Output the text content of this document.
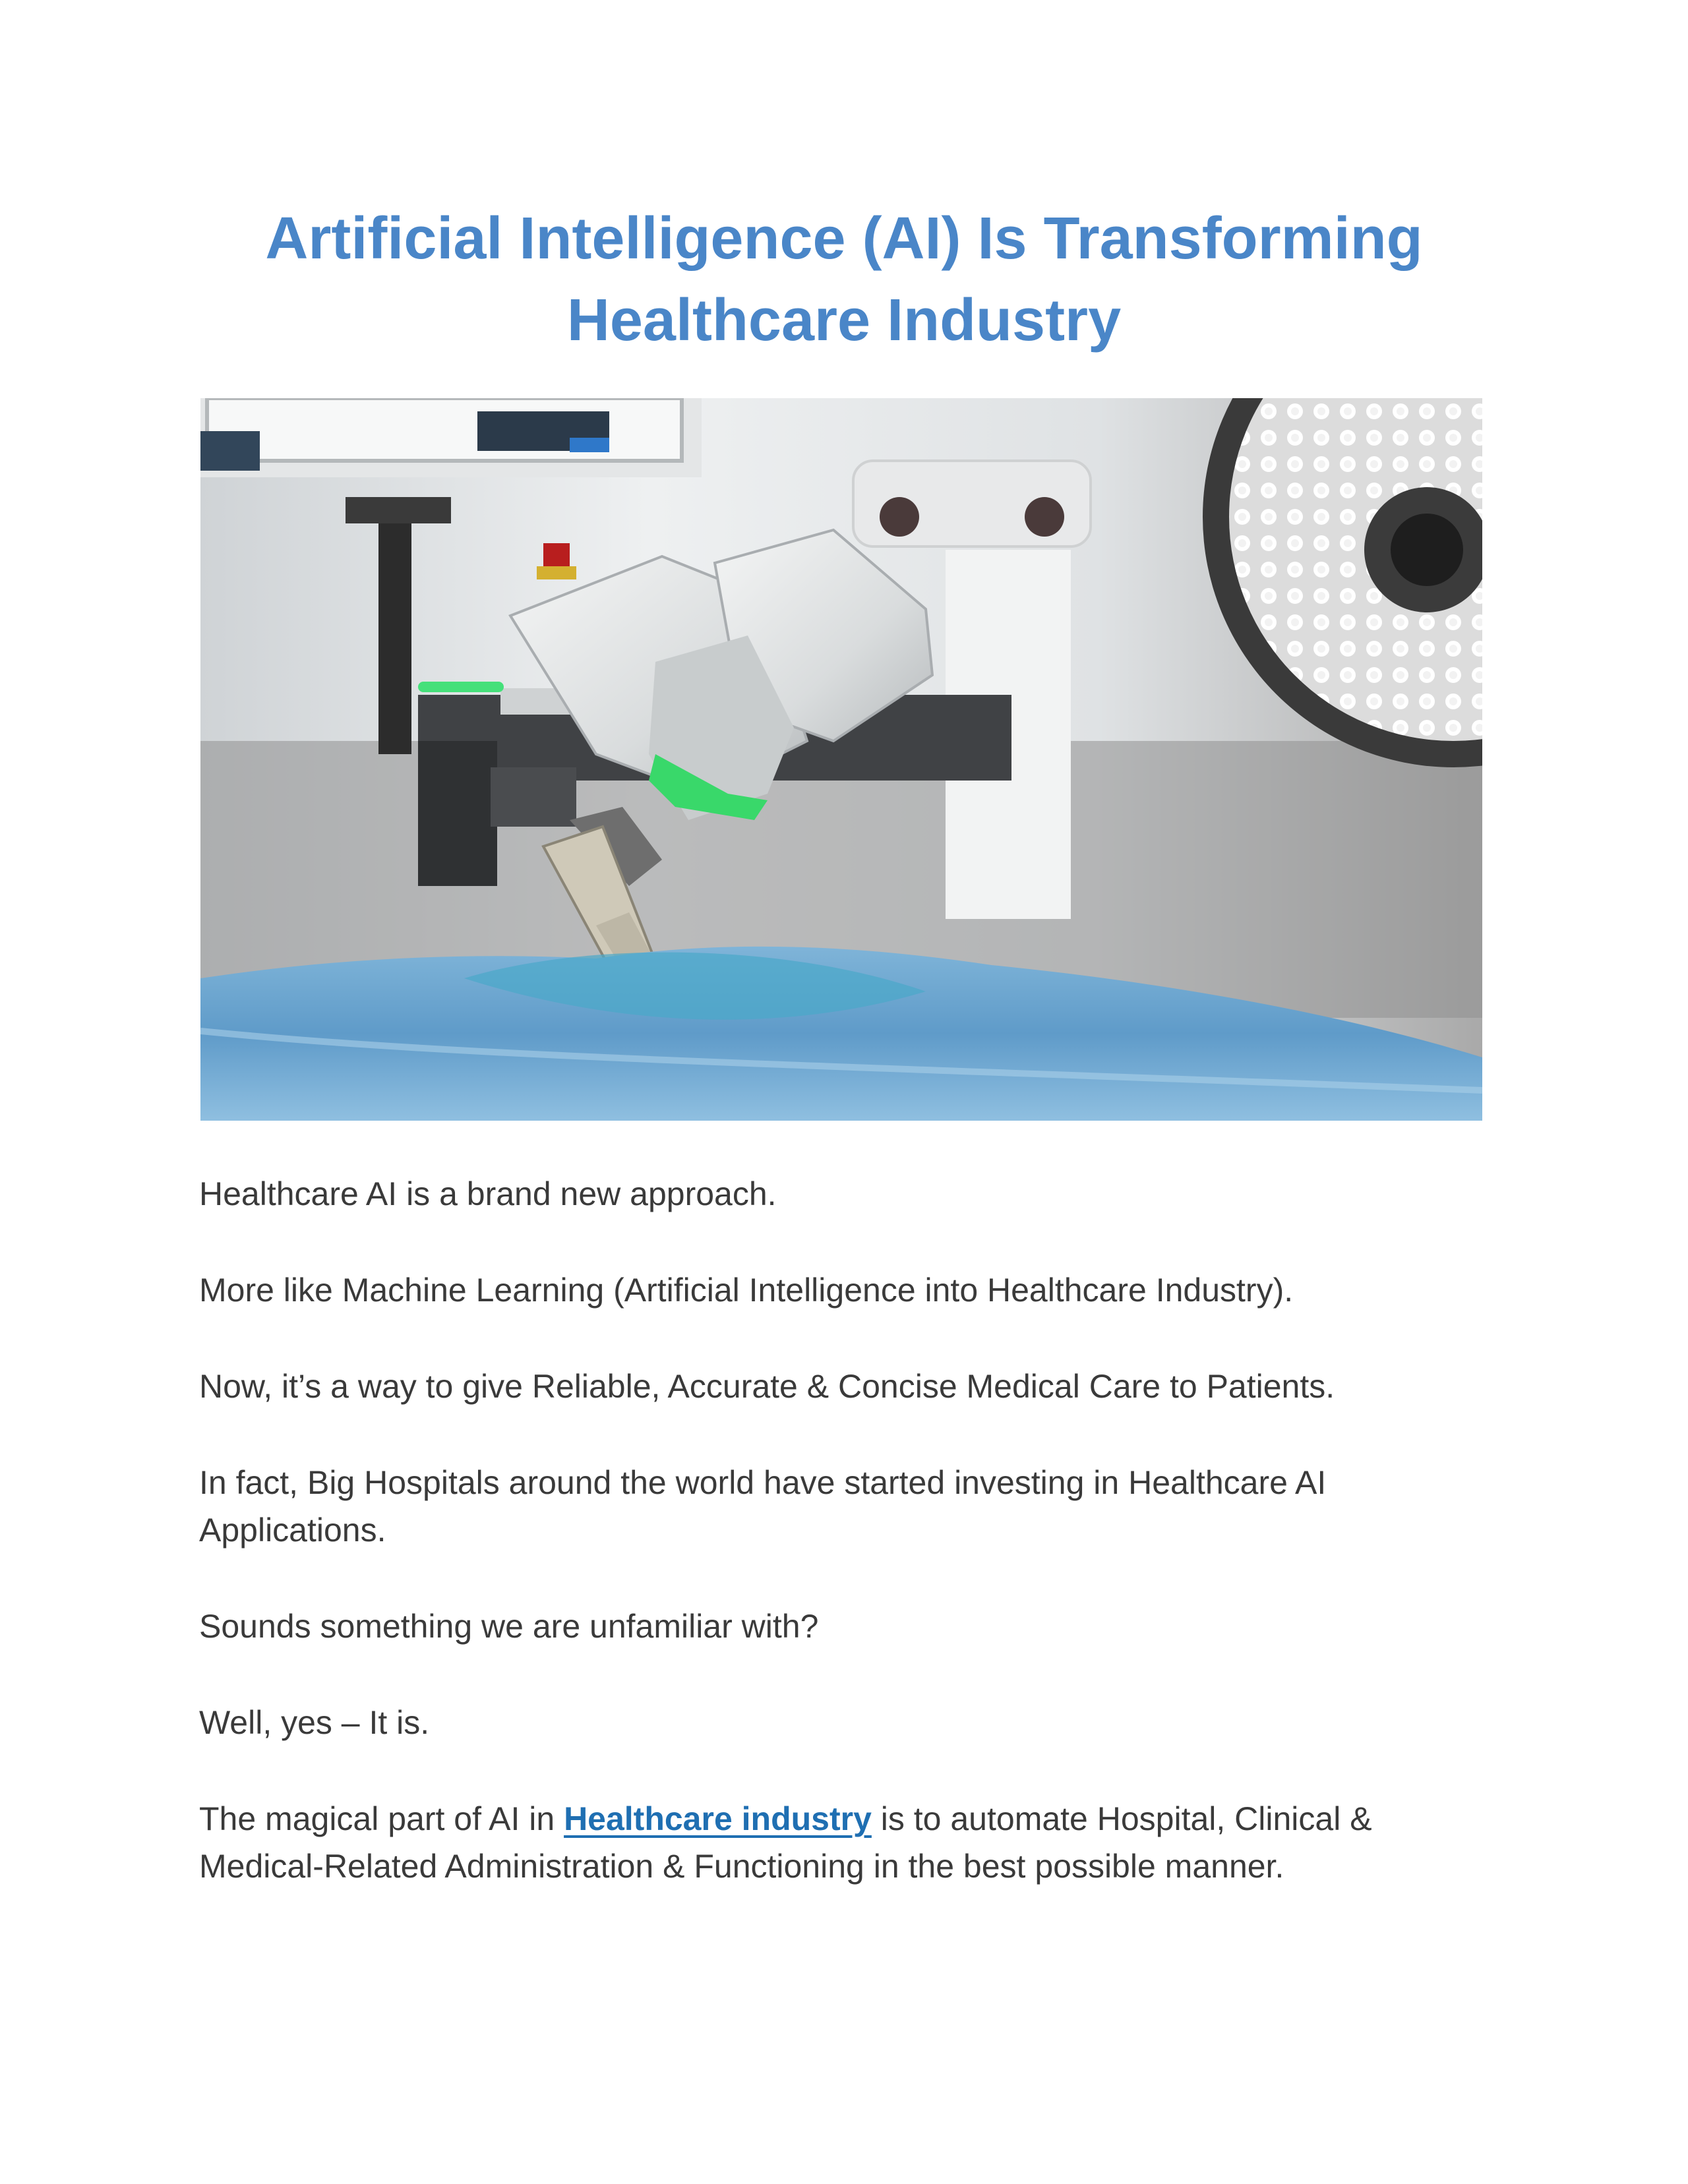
Artificial Intelligence (AI) Is Transforming Healthcare Industry

Healthcare AI is a brand new approach.

More like Machine Learning (Artificial Intelligence into Healthcare Industry).

Now, it’s a way to give Reliable, Accurate & Concise Medical Care to Patients.

In fact, Big Hospitals around the world have started investing in Healthcare AI Applications.

Sounds something we are unfamiliar with?

Well, yes – It is.

The magical part of AI in Healthcare industry is to automate Hospital, Clinical & Medical-Related Administration & Functioning in the best possible manner.
